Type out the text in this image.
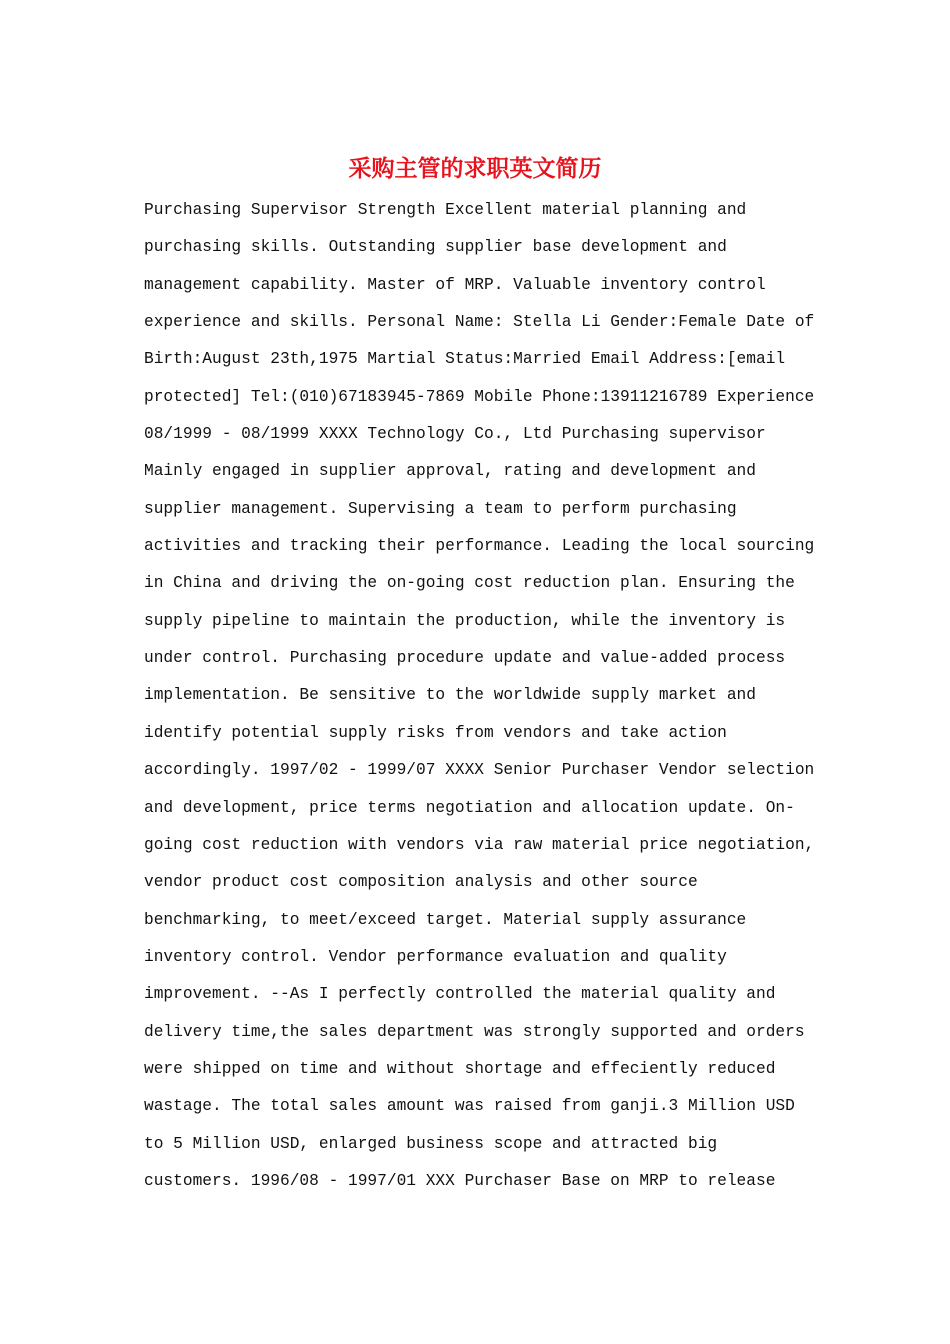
采购主管的求职英文简历
Purchasing Supervisor Strength Excellent material planning and
purchasing skills. Outstanding supplier base development and
management capability. Master of MRP. Valuable inventory control
experience and skills. Personal Name: Stella Li Gender:Female Date of
Birth:August 23th,1975 Martial Status:Married Email Address:[email
protected] Tel:(010)67183945-7869 Mobile Phone:13911216789 Experience
08/1999 - 08/1999 XXXX Technology Co., Ltd Purchasing supervisor
Mainly engaged in supplier approval, rating and development and
supplier management. Supervising a team to perform purchasing
activities and tracking their performance. Leading the local sourcing
in China and driving the on-going cost reduction plan. Ensuring the
supply pipeline to maintain the production, while the inventory is
under control. Purchasing procedure update and value-added process
implementation. Be sensitive to the worldwide supply market and
identify potential supply risks from vendors and take action
accordingly. 1997/02 - 1999/07 XXXX Senior Purchaser Vendor selection
and development, price terms negotiation and allocation update. On-
going cost reduction with vendors via raw material price negotiation,
vendor product cost composition analysis and other source
benchmarking, to meet/exceed target. Material supply assurance
inventory control. Vendor performance evaluation and quality
improvement. --As I perfectly controlled the material quality and
delivery time,the sales department was strongly supported and orders
were shipped on time and without shortage and effeciently reduced
wastage. The total sales amount was raised from ganji.3 Million USD
to 5 Million USD, enlarged business scope and attracted big
customers. 1996/08 - 1997/01 XXX Purchaser Base on MRP to release
